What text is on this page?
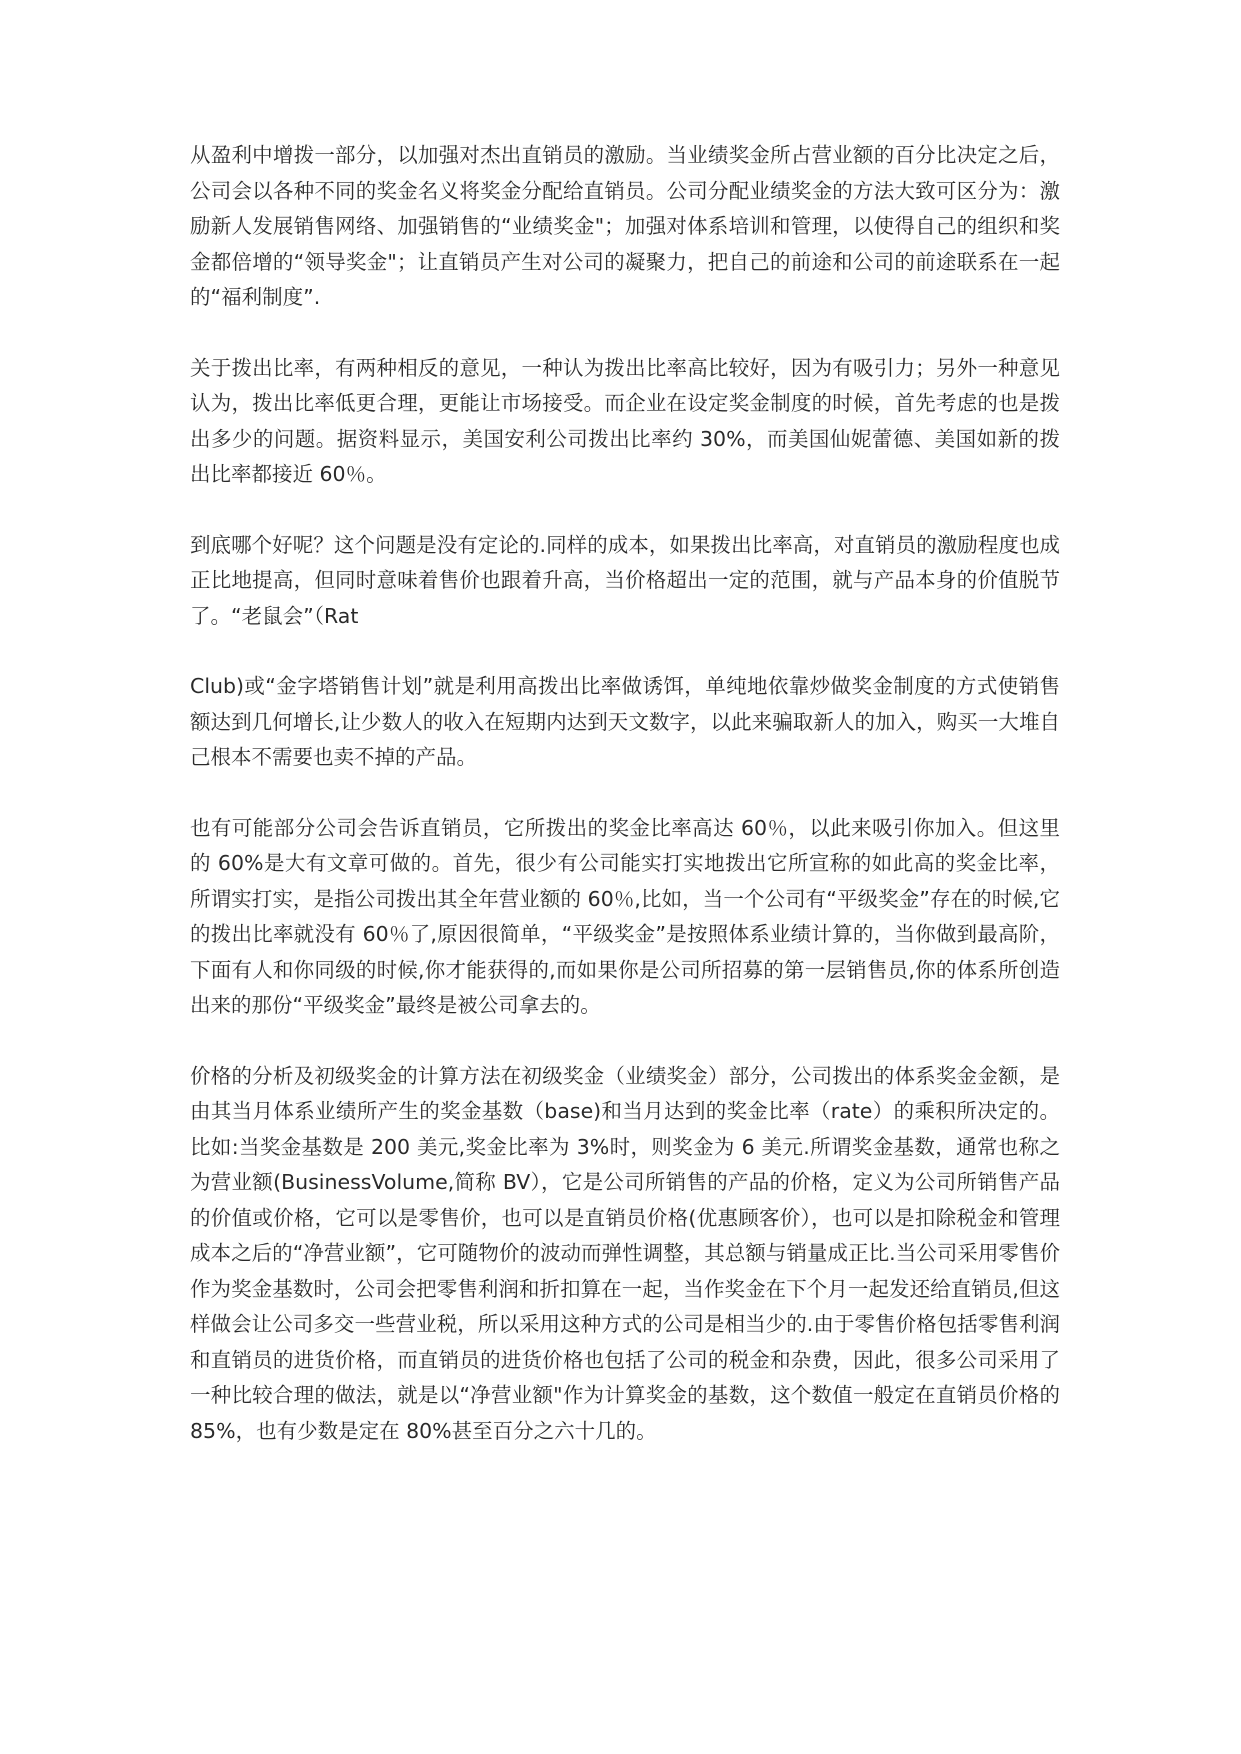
从盈利中增拨一部分，以加强对杰出直销员的激励。当业绩奖金所占营业额的百分比决定之后，公司会以各种不同的奖金名义将奖金分配给直销员。公司分配业绩奖金的方法大致可区分为：激励新人发展销售网络、加强销售的“业绩奖金"；加强对体系培训和管理，以使得自己的组织和奖金都倍增的“领导奖金"；让直销员产生对公司的凝聚力，把自己的前途和公司的前途联系在一起的“福利制度”.

关于拨出比率，有两种相反的意见，一种认为拨出比率高比较好，因为有吸引力；另外一种意见认为，拨出比率低更合理，更能让市场接受。而企业在设定奖金制度的时候，首先考虑的也是拨出多少的问题。据资料显示，美国安利公司拨出比率约 30%，而美国仙妮蕾德、美国如新的拨出比率都接近 60％。

到底哪个好呢？这个问题是没有定论的.同样的成本，如果拨出比率高，对直销员的激励程度也成正比地提高，但同时意味着售价也跟着升高，当价格超出一定的范围，就与产品本身的价值脱节了。“老鼠会”（Rat

Club)或“金字塔销售计划”就是利用高拨出比率做诱饵，单纯地依靠炒做奖金制度的方式使销售额达到几何增长,让少数人的收入在短期内达到天文数字，以此来骗取新人的加入，购买一大堆自己根本不需要也卖不掉的产品。

也有可能部分公司会告诉直销员，它所拨出的奖金比率高达 60％，以此来吸引你加入。但这里的 60%是大有文章可做的。首先，很少有公司能实打实地拨出它所宣称的如此高的奖金比率，所谓实打实，是指公司拨出其全年营业额的 60％,比如，当一个公司有“平级奖金”存在的时候,它的拨出比率就没有 60％了,原因很简单，“平级奖金”是按照体系业绩计算的，当你做到最高阶，下面有人和你同级的时候,你才能获得的,而如果你是公司所招募的第一层销售员,你的体系所创造出来的那份“平级奖金”最终是被公司拿去的。

价格的分析及初级奖金的计算方法在初级奖金（业绩奖金）部分，公司拨出的体系奖金金额，是由其当月体系业绩所产生的奖金基数（base)和当月达到的奖金比率（rate）的乘积所决定的。比如:当奖金基数是 200 美元,奖金比率为 3%时，则奖金为 6 美元.所谓奖金基数，通常也称之为营业额(BusinessVolume,简称 BV），它是公司所销售的产品的价格，定义为公司所销售产品的价值或价格，它可以是零售价，也可以是直销员价格(优惠顾客价），也可以是扣除税金和管理成本之后的“净营业额”，它可随物价的波动而弹性调整，其总额与销量成正比.当公司采用零售价作为奖金基数时，公司会把零售利润和折扣算在一起，当作奖金在下个月一起发还给直销员,但这样做会让公司多交一些营业税，所以采用这种方式的公司是相当少的.由于零售价格包括零售利润和直销员的进货价格，而直销员的进货价格也包括了公司的税金和杂费，因此，很多公司采用了一种比较合理的做法，就是以“净营业额"作为计算奖金的基数，这个数值一般定在直销员价格的 85%，也有少数是定在 80%甚至百分之六十几的。
